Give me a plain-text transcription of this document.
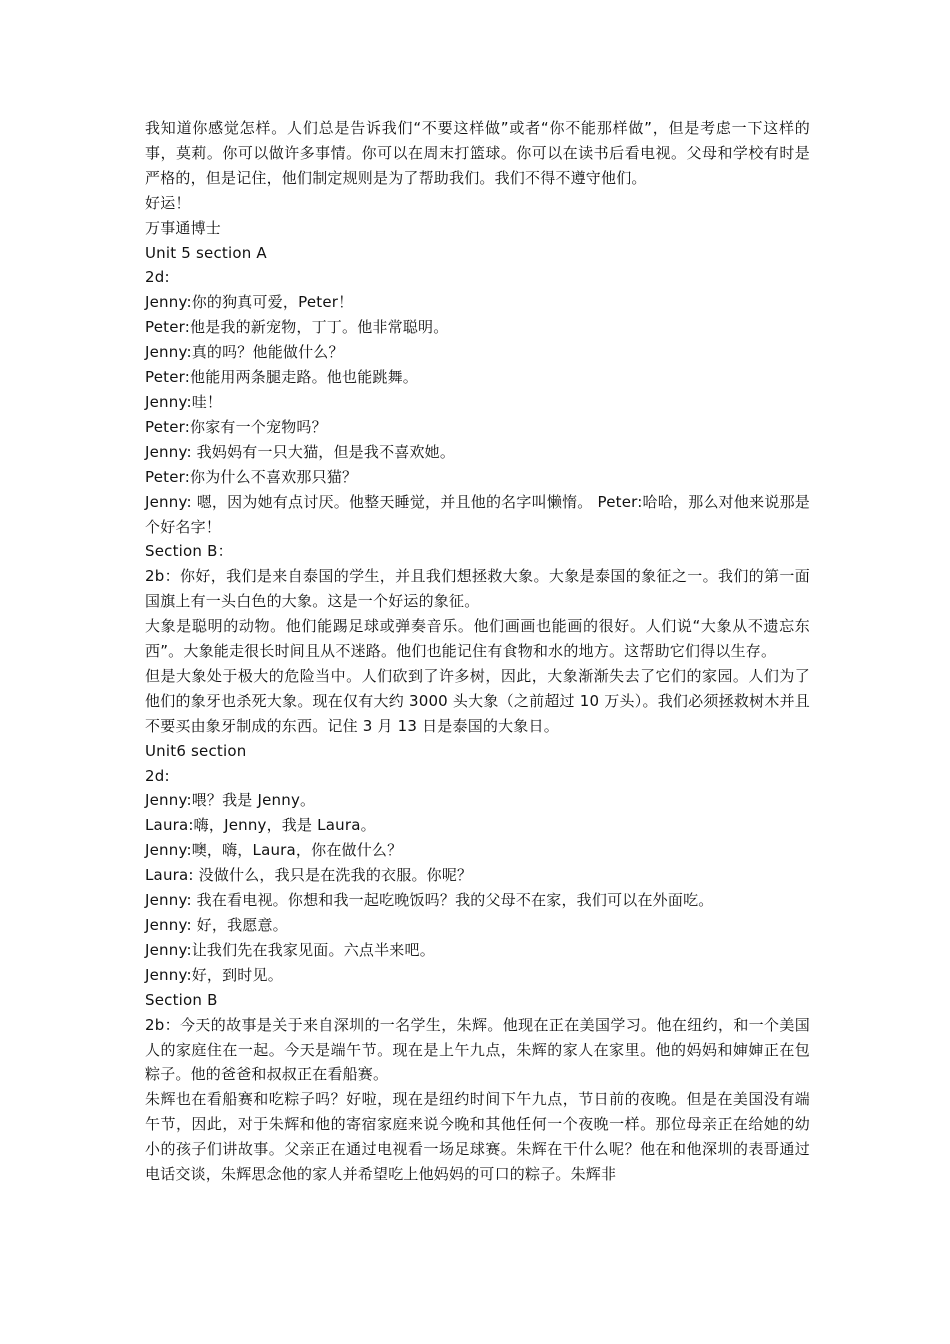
我知道你感觉怎样。人们总是告诉我们“不要这样做”或者“你不能那样做”，但是考虑一下这样的事，莫莉。你可以做许多事情。你可以在周末打篮球。你可以在读书后看电视。父母和学校有时是严格的，但是记住，他们制定规则是为了帮助我们。我们不得不遵守他们。

好运！

万事通博士

Unit 5 section A

2d:

Jenny:你的狗真可爱，Peter！

Peter:他是我的新宠物，丁丁。他非常聪明。

Jenny:真的吗？他能做什么？

Peter:他能用两条腿走路。他也能跳舞。

Jenny:哇！

Peter:你家有一个宠物吗？

Jenny: 我妈妈有一只大猫，但是我不喜欢她。

Peter:你为什么不喜欢那只猫？

Jenny: 嗯，因为她有点讨厌。他整天睡觉，并且他的名字叫懒惰。 Peter:哈哈，那么对他来说那是个好名字！

Section B：

2b：你好，我们是来自泰国的学生，并且我们想拯救大象。大象是泰国的象征之一。我们的第一面国旗上有一头白色的大象。这是一个好运的象征。

大象是聪明的动物。他们能踢足球或弹奏音乐。他们画画也能画的很好。人们说“大象从不遗忘东西”。大象能走很长时间且从不迷路。他们也能记住有食物和水的地方。这帮助它们得以生存。

但是大象处于极大的危险当中。人们砍到了许多树，因此，大象渐渐失去了它们的家园。人们为了他们的象牙也杀死大象。现在仅有大约 3000 头大象（之前超过 10 万头）。我们必须拯救树木并且不要买由象牙制成的东西。记住 3 月 13 日是泰国的大象日。

Unit6 section

2d:

Jenny:喂？我是 Jenny。

Laura:嗨，Jenny，我是 Laura。

Jenny:噢，嗨，Laura，你在做什么？

Laura: 没做什么，我只是在洗我的衣服。你呢？

Jenny: 我在看电视。你想和我一起吃晚饭吗？我的父母不在家，我们可以在外面吃。

Jenny: 好，我愿意。

Jenny:让我们先在我家见面。六点半来吧。

Jenny:好，到时见。

Section B

2b：今天的故事是关于来自深圳的一名学生，朱辉。他现在正在美国学习。他在纽约，和一个美国人的家庭住在一起。今天是端午节。现在是上午九点，朱辉的家人在家里。他的妈妈和婶婶正在包粽子。他的爸爸和叔叔正在看船赛。

朱辉也在看船赛和吃粽子吗？好啦，现在是纽约时间下午九点，节日前的夜晚。但是在美国没有端午节，因此，对于朱辉和他的寄宿家庭来说今晚和其他任何一个夜晚一样。那位母亲正在给她的幼小的孩子们讲故事。父亲正在通过电视看一场足球赛。朱辉在干什么呢？他在和他深圳的表哥通过电话交谈，朱辉思念他的家人并希望吃上他妈妈的可口的粽子。朱辉非
